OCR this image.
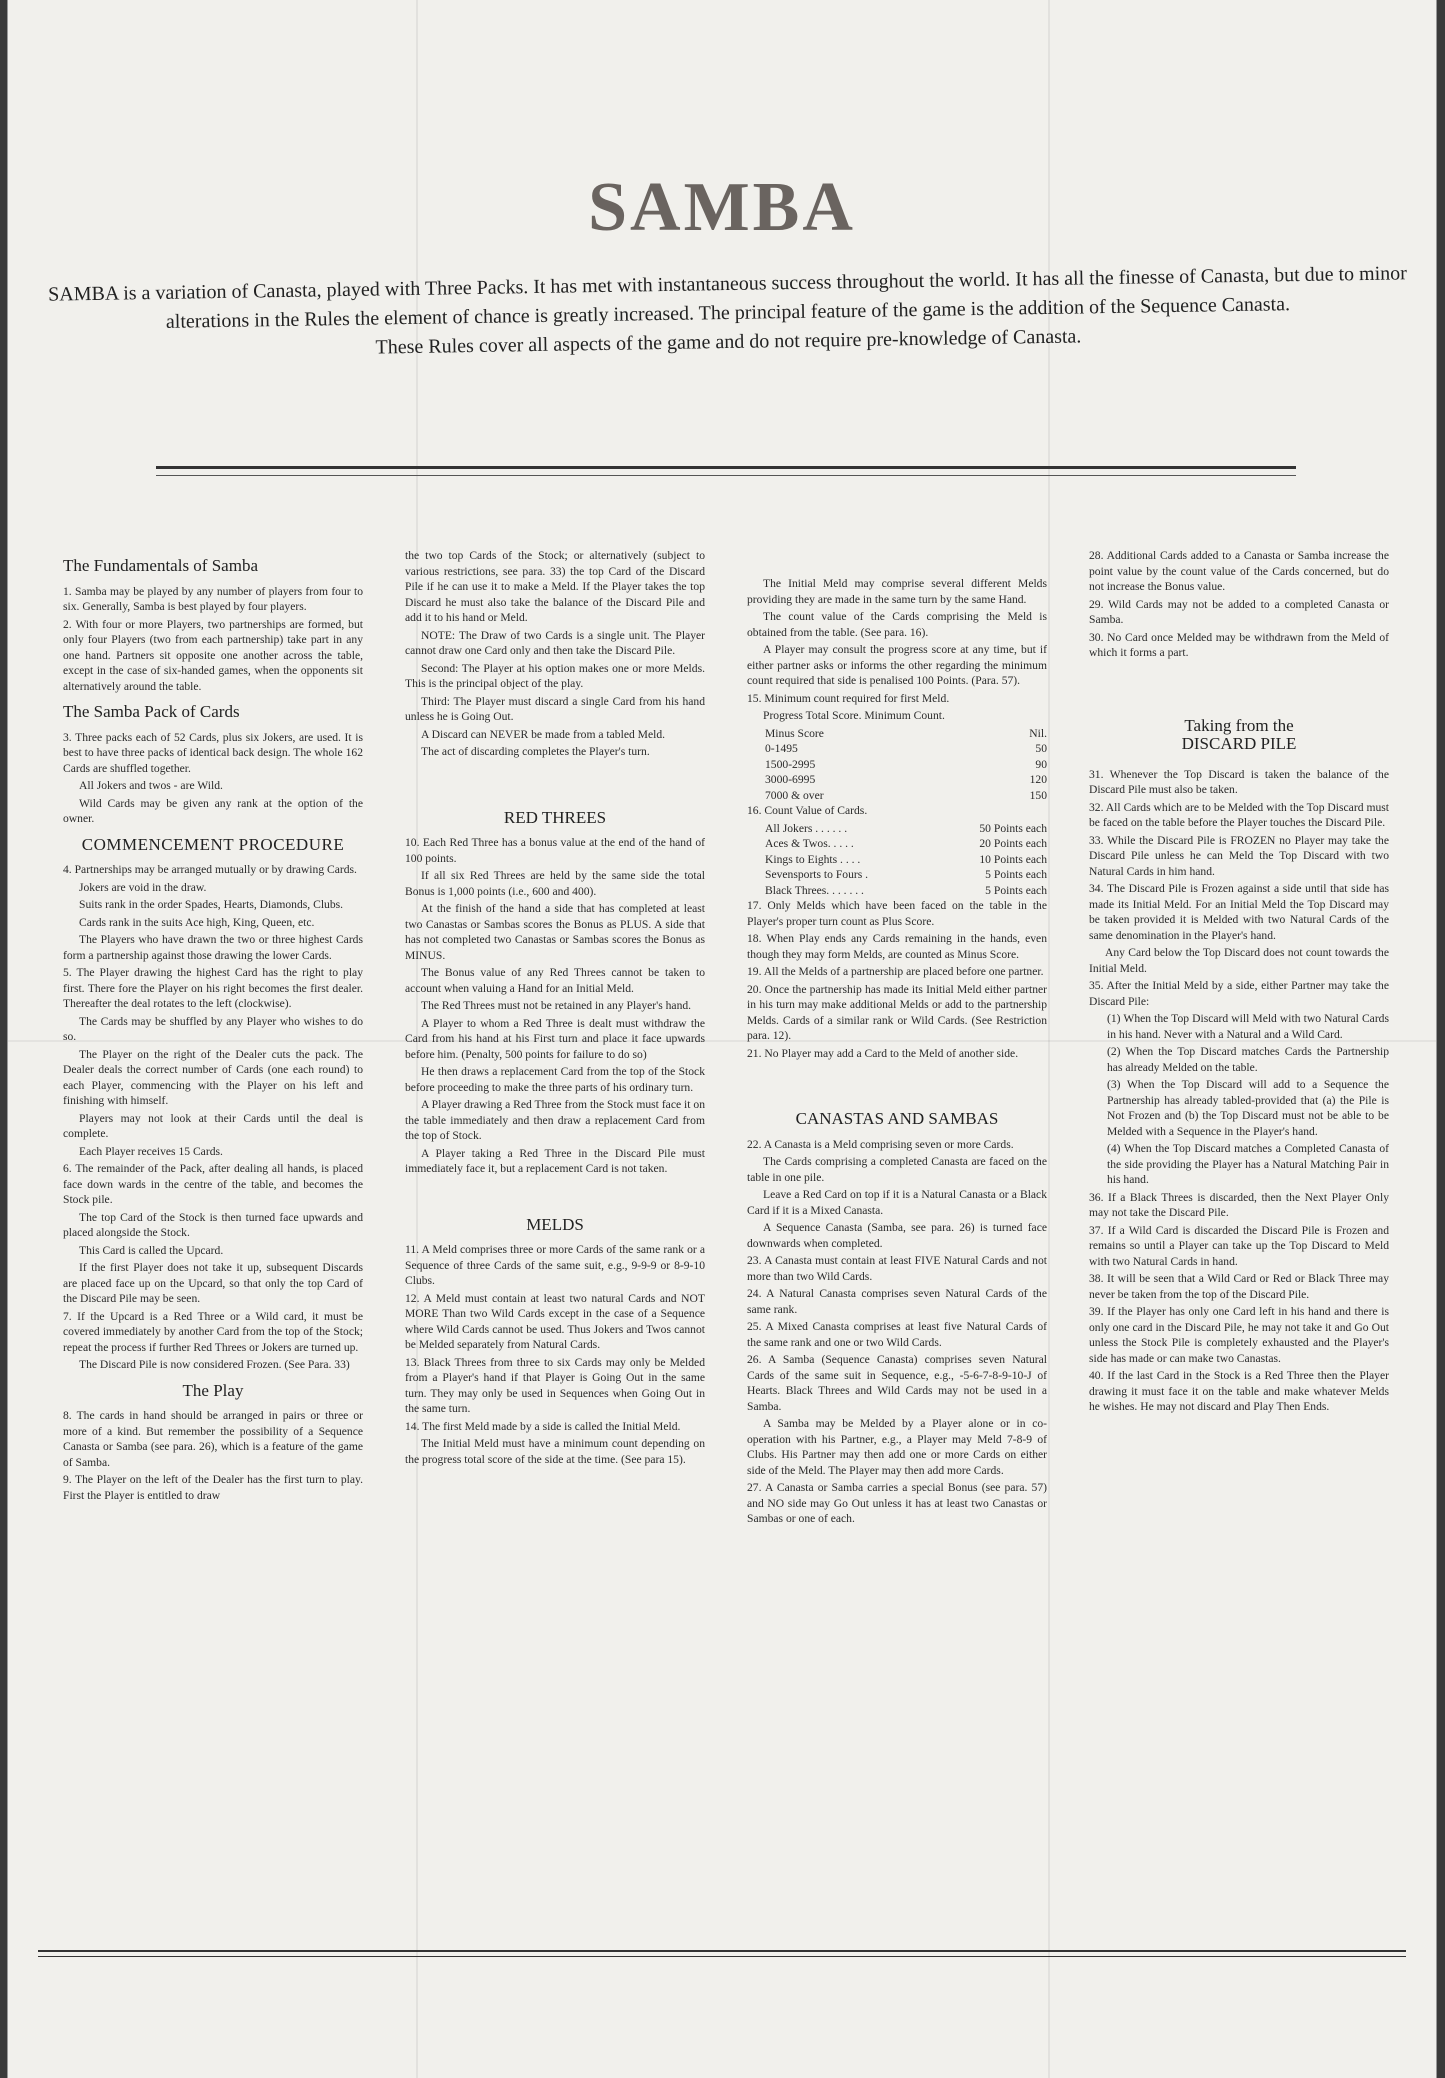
SAMBA

SAMBA is a variation of Canasta, played with Three Packs. It has met with instantaneous success throughout the world. It has all the finesse of Canasta, but due to minor alterations in the Rules the element of chance is greatly increased. The principal feature of the game is the addition of the Sequence Canasta.

These Rules cover all aspects of the game and do not require pre-knowledge of Canasta.

The Fundamentals of Samba

1. Samba may be played by any number of players from four to six. Generally, Samba is best played by four players.

2. With four or more Players, two partnerships are formed, but only four Players (two from each partnership) take part in any one hand. Partners sit opposite one another across the table, except in the case of six-handed games, when the opponents sit alternatively around the table.

The Samba Pack of Cards

3. Three packs each of 52 Cards, plus six Jokers, are used. It is best to have three packs of identical back design. The whole 162 Cards are shuffled together.

All Jokers and twos - are Wild.

Wild Cards may be given any rank at the option of the owner.

COMMENCEMENT PROCEDURE

4. Partnerships may be arranged mutually or by drawing Cards.

Jokers are void in the draw.

Suits rank in the order Spades, Hearts, Diamonds, Clubs.

Cards rank in the suits Ace high, King, Queen, etc.

The Players who have drawn the two or three highest Cards form a partnership against those drawing the lower Cards.

5. The Player drawing the highest Card has the right to play first. There fore the Player on his right becomes the first dealer. Thereafter the deal rotates to the left (clockwise).

The Cards may be shuffled by any Player who wishes to do so.

The Player on the right of the Dealer cuts the pack. The Dealer deals the correct number of Cards (one each round) to each Player, commencing with the Player on his left and finishing with himself.

Players may not look at their Cards until the deal is complete.

Each Player receives 15 Cards.

6. The remainder of the Pack, after dealing all hands, is placed face down wards in the centre of the table, and becomes the Stock pile.

The top Card of the Stock is then turned face upwards and placed alongside the Stock.

This Card is called the Upcard.

If the first Player does not take it up, subsequent Discards are placed face up on the Upcard, so that only the top Card of the Discard Pile may be seen.

7. If the Upcard is a Red Three or a Wild card, it must be covered immediately by another Card from the top of the Stock; repeat the process if further Red Threes or Jokers are turned up.

The Discard Pile is now considered Frozen. (See Para. 33)

The Play

8. The cards in hand should be arranged in pairs or three or more of a kind. But remember the possibility of a Sequence Canasta or Samba (see para. 26), which is a feature of the game of Samba.

9. The Player on the left of the Dealer has the first turn to play. First the Player is entitled to draw

the two top Cards of the Stock; or alternatively (subject to various restrictions, see para. 33) the top Card of the Discard Pile if he can use it to make a Meld. If the Player takes the top Discard he must also take the balance of the Discard Pile and add it to his hand or Meld.

NOTE: The Draw of two Cards is a single unit. The Player cannot draw one Card only and then take the Discard Pile.

Second: The Player at his option makes one or more Melds. This is the principal object of the play.

Third: The Player must discard a single Card from his hand unless he is Going Out.

A Discard can NEVER be made from a tabled Meld.

The act of discarding completes the Player's turn.

RED THREES

10. Each Red Three has a bonus value at the end of the hand of 100 points.

If all six Red Threes are held by the same side the total Bonus is 1,000 points (i.e., 600 and 400).

At the finish of the hand a side that has completed at least two Canastas or Sambas scores the Bonus as PLUS. A side that has not completed two Canastas or Sambas scores the Bonus as MINUS.

The Bonus value of any Red Threes cannot be taken to account when valuing a Hand for an Initial Meld.

The Red Threes must not be retained in any Player's hand.

A Player to whom a Red Three is dealt must withdraw the Card from his hand at his First turn and place it face upwards before him. (Penalty, 500 points for failure to do so)

He then draws a replacement Card from the top of the Stock before proceeding to make the three parts of his ordinary turn.

A Player drawing a Red Three from the Stock must face it on the table immediately and then draw a replacement Card from the top of Stock.

A Player taking a Red Three in the Discard Pile must immediately face it, but a replacement Card is not taken.

MELDS

11. A Meld comprises three or more Cards of the same rank or a Sequence of three Cards of the same suit, e.g., 9-9-9 or 8-9-10 Clubs.

12. A Meld must contain at least two natural Cards and NOT MORE Than two Wild Cards except in the case of a Sequence where Wild Cards cannot be used. Thus Jokers and Twos cannot be Melded separately from Natural Cards.

13. Black Threes from three to six Cards may only be Melded from a Player's hand if that Player is Going Out in the same turn. They may only be used in Sequences when Going Out in the same turn.

14. The first Meld made by a side is called the Initial Meld.

The Initial Meld must have a minimum count depending on the progress total score of the side at the time. (See para 15).

The Initial Meld may comprise several different Melds providing they are made in the same turn by the same Hand.

The count value of the Cards comprising the Meld is obtained from the table. (See para. 16).

A Player may consult the progress score at any time, but if either partner asks or informs the other regarding the minimum count required that side is penalised 100 Points. (Para. 57).

15. Minimum count required for first Meld.

Progress Total Score. Minimum Count.

Minus Score	Nil.
0-1495	50
1500-2995	90
3000-6995	120
7000 & over	150

16. Count Value of Cards.

All Jokers . . . . . .	50 Points each
Aces & Twos. . . . .	20 Points each
Kings to Eights . . . .	10 Points each
Sevensports to Fours .	5 Points each
Black Threes. . . . . . .	5 Points each

17. Only Melds which have been faced on the table in the Player's proper turn count as Plus Score.

18. When Play ends any Cards remaining in the hands, even though they may form Melds, are counted as Minus Score.

19. All the Melds of a partnership are placed before one partner.

20. Once the partnership has made its Initial Meld either partner in his turn may make additional Melds or add to the partnership Melds. Cards of a similar rank or Wild Cards. (See Restriction para. 12).

21. No Player may add a Card to the Meld of another side.

CANASTAS AND SAMBAS

22. A Canasta is a Meld comprising seven or more Cards.

The Cards comprising a completed Canasta are faced on the table in one pile.

Leave a Red Card on top if it is a Natural Canasta or a Black Card if it is a Mixed Canasta.

A Sequence Canasta (Samba, see para. 26) is turned face downwards when completed.

23. A Canasta must contain at least FIVE Natural Cards and not more than two Wild Cards.

24. A Natural Canasta comprises seven Natural Cards of the same rank.

25. A Mixed Canasta comprises at least five Natural Cards of the same rank and one or two Wild Cards.

26. A Samba (Sequence Canasta) comprises seven Natural Cards of the same suit in Sequence, e.g., -5-6-7-8-9-10-J of Hearts. Black Threes and Wild Cards may not be used in a Samba.

A Samba may be Melded by a Player alone or in co-operation with his Partner, e.g., a Player may Meld 7-8-9 of Clubs. His Partner may then add one or more Cards on either side of the Meld. The Player may then add more Cards.

27. A Canasta or Samba carries a special Bonus (see para. 57) and NO side may Go Out unless it has at least two Canastas or Sambas or one of each.

28. Additional Cards added to a Canasta or Samba increase the point value by the count value of the Cards concerned, but do not increase the Bonus value.

29. Wild Cards may not be added to a completed Canasta or Samba.

30. No Card once Melded may be withdrawn from the Meld of which it forms a part.

Taking from the
DISCARD PILE

31. Whenever the Top Discard is taken the balance of the Discard Pile must also be taken.

32. All Cards which are to be Melded with the Top Discard must be faced on the table before the Player touches the Discard Pile.

33. While the Discard Pile is FROZEN no Player may take the Discard Pile unless he can Meld the Top Discard with two Natural Cards in him hand.

34. The Discard Pile is Frozen against a side until that side has made its Initial Meld. For an Initial Meld the Top Discard may be taken provided it is Melded with two Natural Cards of the same denomination in the Player's hand.

Any Card below the Top Discard does not count towards the Initial Meld.

35. After the Initial Meld by a side, either Partner may take the Discard Pile:

(1) When the Top Discard will Meld with two Natural Cards in his hand. Never with a Natural and a Wild Card.

(2) When the Top Discard matches Cards the Partnership has already Melded on the table.

(3) When the Top Discard will add to a Sequence the Partnership has already tabled-provided that (a) the Pile is Not Frozen and (b) the Top Discard must not be able to be Melded with a Sequence in the Player's hand.

(4) When the Top Discard matches a Completed Canasta of the side providing the Player has a Natural Matching Pair in his hand.

36. If a Black Threes is discarded, then the Next Player Only may not take the Discard Pile.

37. If a Wild Card is discarded the Discard Pile is Frozen and remains so until a Player can take up the Top Discard to Meld with two Natural Cards in hand.

38. It will be seen that a Wild Card or Red or Black Three may never be taken from the top of the Discard Pile.

39. If the Player has only one Card left in his hand and there is only one card in the Discard Pile, he may not take it and Go Out unless the Stock Pile is completely exhausted and the Player's side has made or can make two Canastas.

40. If the last Card in the Stock is a Red Three then the Player drawing it must face it on the table and make whatever Melds he wishes. He may not discard and Play Then Ends.
